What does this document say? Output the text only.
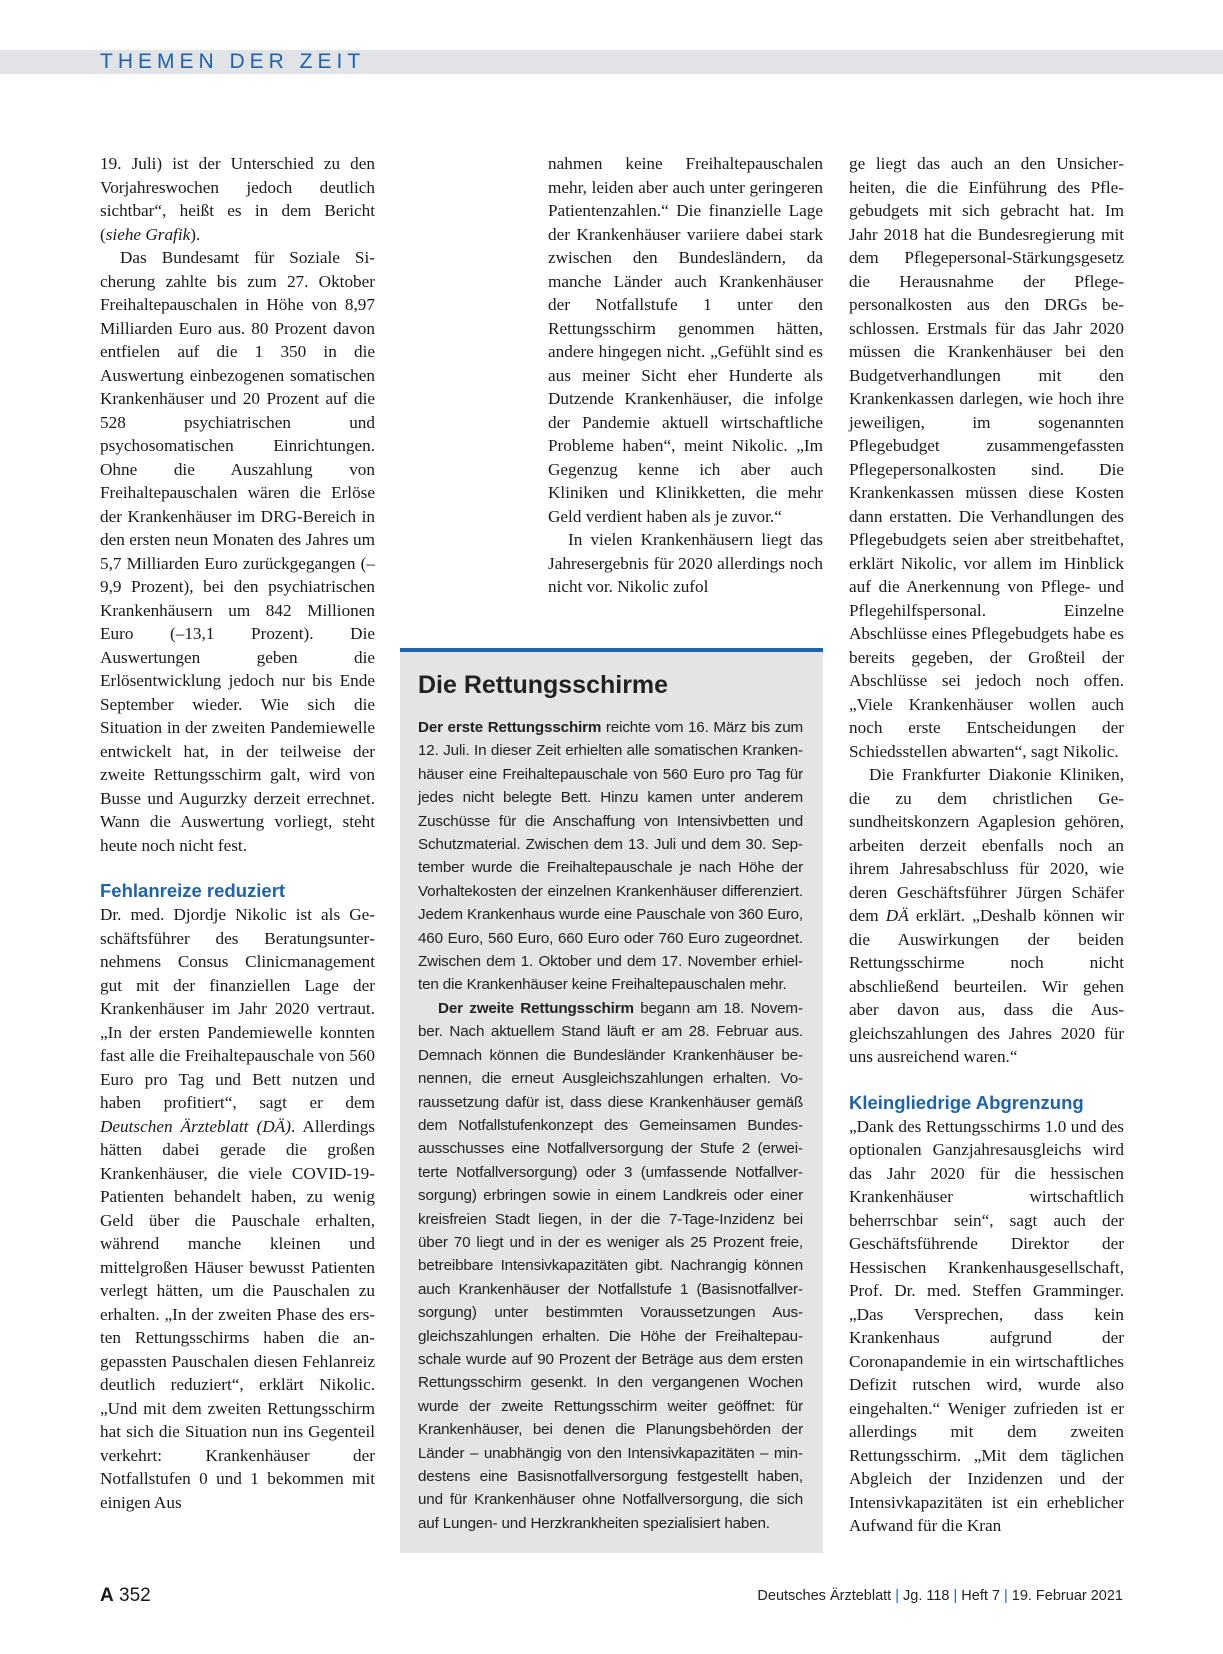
THEMEN DER ZEIT

19. Juli) ist der Unterschied zu den Vorjahreswochen jedoch deutlich sichtbar“, heißt es in dem Bericht (siehe Grafik).

Das Bundesamt für Soziale Sicherung zahlte bis zum 27. Oktober Freihaltepauschalen in Höhe von 8,97 Milliarden Euro aus. 80 Prozent davon entfielen auf die 1 350 in die Auswertung einbezogenen somatischen Krankenhäuser und 20 Prozent auf die 528 psychiatrischen und psychosomatischen Einrichtungen. Ohne die Auszahlung von Freihaltepauschalen wären die Erlöse der Krankenhäuser im DRG-Bereich in den ersten neun Monaten des Jahres um 5,7 Milliarden Euro zurückgegangen (–9,9 Prozent), bei den psychiatrischen Krankenhäusern um 842 Millionen Euro (–13,1 Prozent). Die Auswertungen geben die Erlösentwicklung jedoch nur bis Ende September wieder. Wie sich die Situation in der zweiten Pandemiewelle entwickelt hat, in der teilweise der zweite Rettungsschirm galt, wird von Busse und Augurzky derzeit errechnet. Wann die Auswertung vorliegt, steht heute noch nicht fest.

Fehlanreize reduziert

Dr. med. Djordje Nikolic ist als Geschäftsführer des Beratungsunternehmens Consus Clinicmanagement gut mit der finanziellen Lage der Krankenhäuser im Jahr 2020 vertraut. „In der ersten Pandemiewelle konnten fast alle die Freihaltepauschale von 560 Euro pro Tag und Bett nutzen und haben profitiert“, sagt er dem Deutschen Ärzteblatt (DÄ). Allerdings hätten dabei gerade die großen Krankenhäuser, die viele COVID-19-Patienten behandelt haben, zu wenig Geld über die Pauschale erhalten, während manche kleinen und mittelgroßen Häuser bewusst Patienten verlegt hätten, um die Pauschalen zu erhalten. „In der zweiten Phase des ersten Rettungsschirms haben die angepassten Pauschalen diesen Fehlanreiz deutlich reduziert“, erklärt Nikolic. „Und mit dem zweiten Rettungsschirm hat sich die Situation nun ins Gegenteil verkehrt: Krankenhäuser der Notfallstufen 0 und 1 bekommen mit einigen Aus

nahmen keine Freihaltepauschalen mehr, leiden aber auch unter geringeren Patientenzahlen.“ Die finanzielle Lage der Krankenhäuser variiere dabei stark zwischen den Bundesländern, da manche Länder auch Krankenhäuser der Notfallstufe 1 unter den Rettungsschirm genommen hätten, andere hingegen nicht. „Gefühlt sind es aus meiner Sicht eher Hunderte als Dutzende Krankenhäuser, die infolge der Pandemie aktuell wirtschaftliche Probleme haben“, meint Nikolic. „Im Gegenzug kenne ich aber auch Kliniken und Klinikketten, die mehr Geld verdient haben als je zuvor.“

In vielen Krankenhäusern liegt das Jahresergebnis für 2020 allerdings noch nicht vor. Nikolic zufol

Die Rettungsschirme

Der erste Rettungsschirm reichte vom 16. März bis zum 12. Juli. In dieser Zeit erhielten alle somatischen Krankenhäuser eine Freihaltepauschale von 560 Euro pro Tag für jedes nicht belegte Bett. Hinzu kamen unter anderem Zuschüsse für die Anschaffung von Intensivbetten und Schutzmaterial. Zwischen dem 13. Juli und dem 30. September wurde die Freihaltepauschale je nach Höhe der Vorhaltekosten der einzelnen Krankenhäuser differenziert. Jedem Krankenhaus wurde eine Pauschale von 360 Euro, 460 Euro, 560 Euro, 660 Euro oder 760 Euro zugeordnet. Zwischen dem 1. Oktober und dem 17. November erhielten die Krankenhäuser keine Freihaltepauschalen mehr.

Der zweite Rettungsschirm begann am 18. November. Nach aktuellem Stand läuft er am 28. Februar aus. Demnach können die Bundesländer Krankenhäuser benennen, die erneut Ausgleichszahlungen erhalten. Voraussetzung dafür ist, dass diese Krankenhäuser gemäß dem Notfallstufenkonzept des Gemeinsamen Bundesausschusses eine Notfallversorgung der Stufe 2 (erweiterte Notfallversorgung) oder 3 (umfassende Notfallversorgung) erbringen sowie in einem Landkreis oder einer kreisfreien Stadt liegen, in der die 7-Tage-Inzidenz bei über 70 liegt und in der es weniger als 25 Prozent freie, betreibbare Intensivkapazitäten gibt. Nachrangig können auch Krankenhäuser der Notfallstufe 1 (Basisnotfallversorgung) unter bestimmten Voraussetzungen Ausgleichszahlungen erhalten. Die Höhe der Freihaltepauschale wurde auf 90 Prozent der Beträge aus dem ersten Rettungsschirm gesenkt. In den vergangenen Wochen wurde der zweite Rettungsschirm weiter geöffnet: für Krankenhäuser, bei denen die Planungsbehörden der Länder – unabhängig von den Intensivkapazitäten – mindestens eine Basisnotfallversorgung festgestellt haben, und für Krankenhäuser ohne Notfallversorgung, die sich auf Lungen- und Herzkrankheiten spezialisiert haben.

ge liegt das auch an den Unsicherheiten, die die Einführung des Pflegebudgets mit sich gebracht hat. Im Jahr 2018 hat die Bundesregierung mit dem Pflegepersonal-Stärkungsgesetz die Herausnahme der Pflegepersonalkosten aus den DRGs beschlossen. Erstmals für das Jahr 2020 müssen die Krankenhäuser bei den Budgetverhandlungen mit den Krankenkassen darlegen, wie hoch ihre jeweiligen, im sogenannten Pflegebudget zusammengefassten Pflegepersonalkosten sind. Die Krankenkassen müssen diese Kosten dann erstatten. Die Verhandlungen des Pflegebudgets seien aber streitbehaftet, erklärt Nikolic, vor allem im Hinblick auf die Anerkennung von Pflege- und Pflegehilfspersonal. Einzelne Abschlüsse eines Pflegebudgets habe es bereits gegeben, der Großteil der Abschlüsse sei jedoch noch offen. „Viele Krankenhäuser wollen auch noch erste Entscheidungen der Schiedsstellen abwarten“, sagt Nikolic.

Die Frankfurter Diakonie Kliniken, die zu dem christlichen Gesundheitskonzern Agaplesion gehören, arbeiten derzeit ebenfalls noch an ihrem Jahresabschluss für 2020, wie deren Geschäftsführer Jürgen Schäfer dem DÄ erklärt. „Deshalb können wir die Auswirkungen der beiden Rettungsschirme noch nicht abschließend beurteilen. Wir gehen aber davon aus, dass die Ausgleichszahlungen des Jahres 2020 für uns ausreichend waren.“

Kleingliedrige Abgrenzung

„Dank des Rettungsschirms 1.0 und des optionalen Ganzjahresausgleichs wird das Jahr 2020 für die hessischen Krankenhäuser wirtschaftlich beherrschbar sein“, sagt auch der Geschäftsführende Direktor der Hessischen Krankenhausgesellschaft, Prof. Dr. med. Steffen Gramminger. „Das Versprechen, dass kein Krankenhaus aufgrund der Coronapandemie in ein wirtschaftliches Defizit rutschen wird, wurde also eingehalten.“ Weniger zufrieden ist er allerdings mit dem zweiten Rettungsschirm. „Mit dem täglichen Abgleich der Inzidenzen und der Intensivkapazitäten ist ein erheblicher Aufwand für die Kran

A 352	Deutsches Ärzteblatt | Jg. 118 | Heft 7 | 19. Februar 2021
